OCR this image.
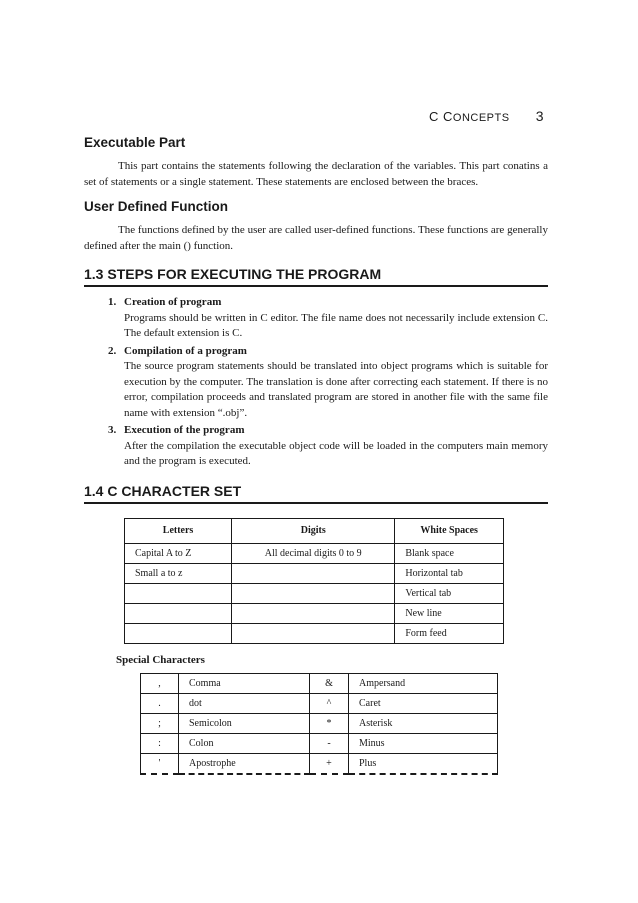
C CONCEPTS 3
Executable Part

This part contains the statements following the declaration of the variables. This part conatins a set of statements or a single statement. These statements are enclosed between the braces.

User Defined Function

The functions defined by the user are called user-defined functions. These functions are generally defined after the main () function.

1.3 STEPS FOR EXECUTING THE PROGRAM
1. Creation of program
Programs should be written in C editor. The file name does not necessarily include extension C. The default extension is C.
2. Compilation of a program
The source program statements should be translated into object programs which is suitable for execution by the computer. The translation is done after correcting each statement. If there is no error, compilation proceeds and translated program are stored in another file with the same file name with extension “.obj”.
3. Execution of the program
After the compilation the executable object code will be loaded in the computers main memory and the program is executed.
1.4 C CHARACTER SET
Letters	Digits	White Spaces
Capital A to Z	All decimal digits 0 to 9	Blank space
Small a to z		Horizontal tab
		Vertical tab
		New line
		Form feed
Special Characters
,	Comma	&	Ampersand
.	dot	^	Caret
;	Semicolon	*	Asterisk
:	Colon	-	Minus
'	Apostrophe	+	Plus
